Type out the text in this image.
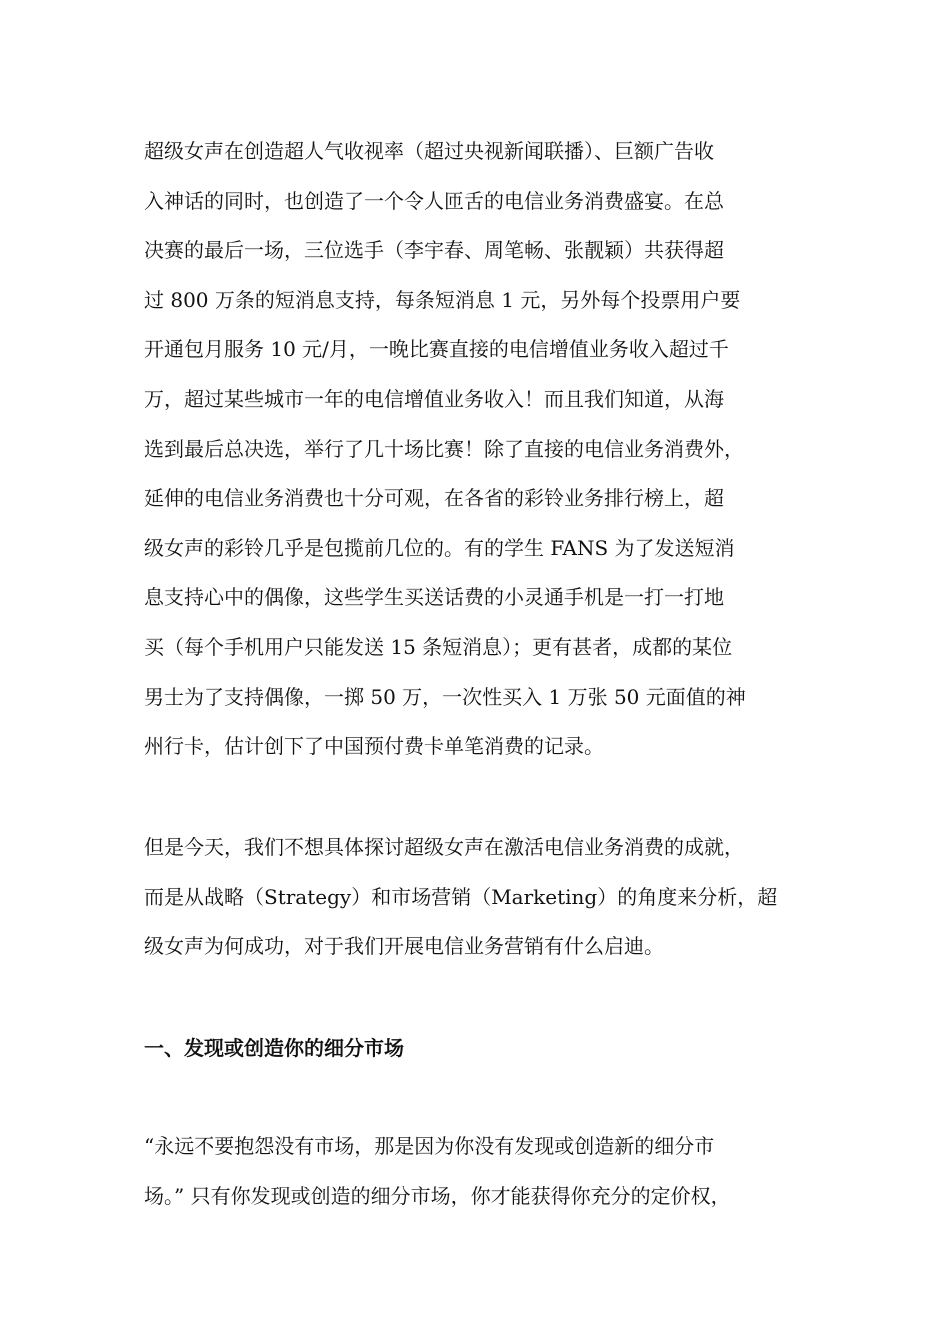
超级女声在创造超人气收视率（超过央视新闻联播）、巨额广告收
入神话的同时，也创造了一个令人匝舌的电信业务消费盛宴。在总
决赛的最后一场，三位选手（李宇春、周笔畅、张靓颖）共获得超
过 800 万条的短消息支持，每条短消息 1 元，另外每个投票用户要
开通包月服务 10 元/月，一晚比赛直接的电信增值业务收入超过千
万，超过某些城市一年的电信增值业务收入！而且我们知道，从海
选到最后总决选，举行了几十场比赛！除了直接的电信业务消费外，
延伸的电信业务消费也十分可观，在各省的彩铃业务排行榜上，超
级女声的彩铃几乎是包揽前几位的。有的学生 FANS 为了发送短消
息支持心中的偶像，这些学生买送话费的小灵通手机是一打一打地
买（每个手机用户只能发送 15 条短消息）；更有甚者，成都的某位
男士为了支持偶像，一掷 50 万，一次性买入 1 万张 50 元面值的神
州行卡，估计创下了中国预付费卡单笔消费的记录。
但是今天，我们不想具体探讨超级女声在激活电信业务消费的成就，
而是从战略（Strategy）和市场营销（Marketing）的角度来分析，超
级女声为何成功，对于我们开展电信业务营销有什么启迪。
一、发现或创造你的细分市场
“永远不要抱怨没有市场，那是因为你没有发现或创造新的细分市
场。” 只有你发现或创造的细分市场，你才能获得你充分的定价权，
